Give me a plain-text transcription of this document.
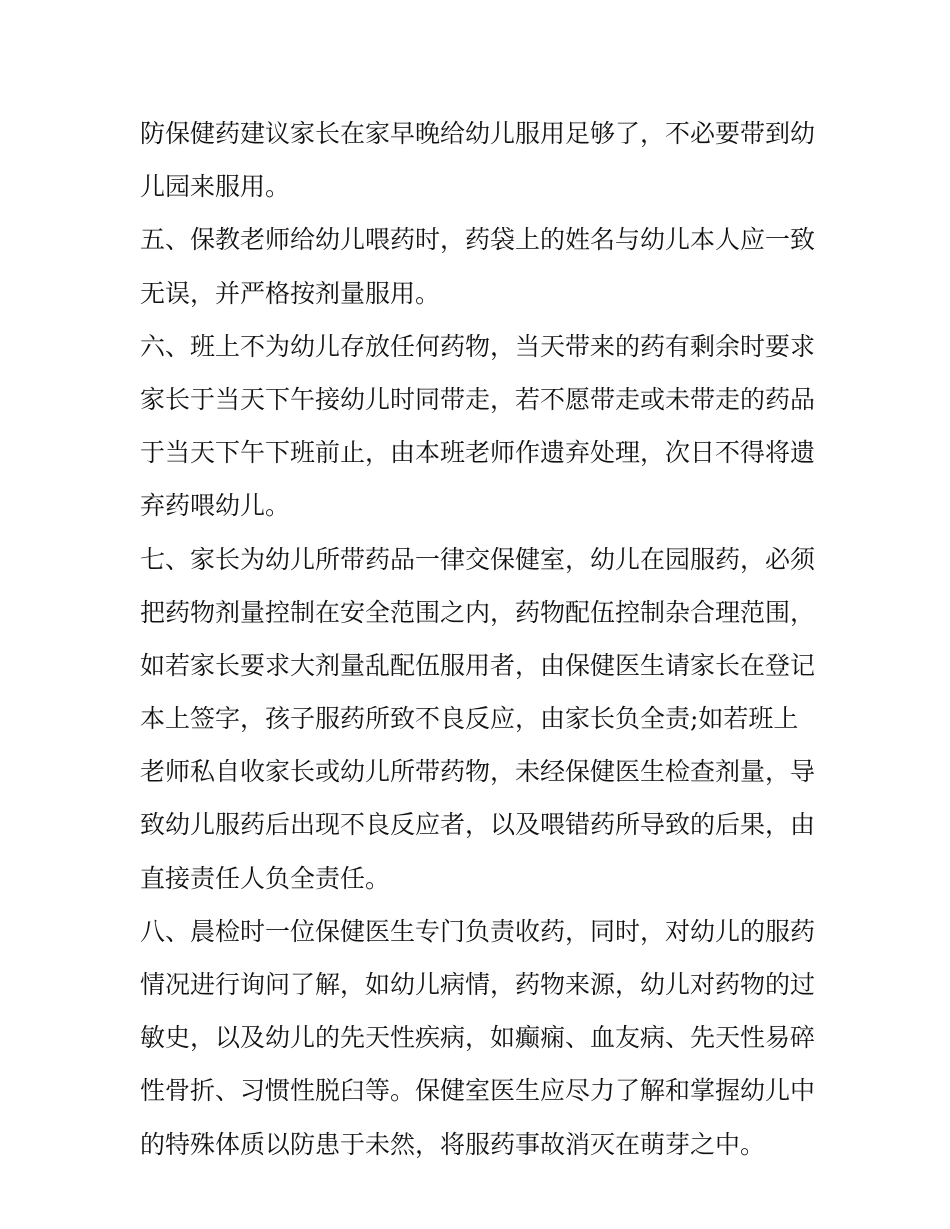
防保健药建议家长在家早晚给幼儿服用足够了，不必要带到幼
儿园来服用。
五、保教老师给幼儿喂药时，药袋上的姓名与幼儿本人应一致
无误，并严格按剂量服用。
六、班上不为幼儿存放任何药物，当天带来的药有剩余时要求
家长于当天下午接幼儿时同带走，若不愿带走或未带走的药品
于当天下午下班前止，由本班老师作遗弃处理，次日不得将遗
弃药喂幼儿。
七、家长为幼儿所带药品一律交保健室，幼儿在园服药，必须
把药物剂量控制在安全范围之内，药物配伍控制杂合理范围，
如若家长要求大剂量乱配伍服用者，由保健医生请家长在登记
本上签字，孩子服药所致不良反应，由家长负全责;如若班上
老师私自收家长或幼儿所带药物，未经保健医生检查剂量，导
致幼儿服药后出现不良反应者，以及喂错药所导致的后果，由
直接责任人负全责任。
八、晨检时一位保健医生专门负责收药，同时，对幼儿的服药
情况进行询问了解，如幼儿病情，药物来源，幼儿对药物的过
敏史，以及幼儿的先天性疾病，如癫痫、血友病、先天性易碎
性骨折、习惯性脱臼等。保健室医生应尽力了解和掌握幼儿中
的特殊体质以防患于未然，将服药事故消灭在萌芽之中。
